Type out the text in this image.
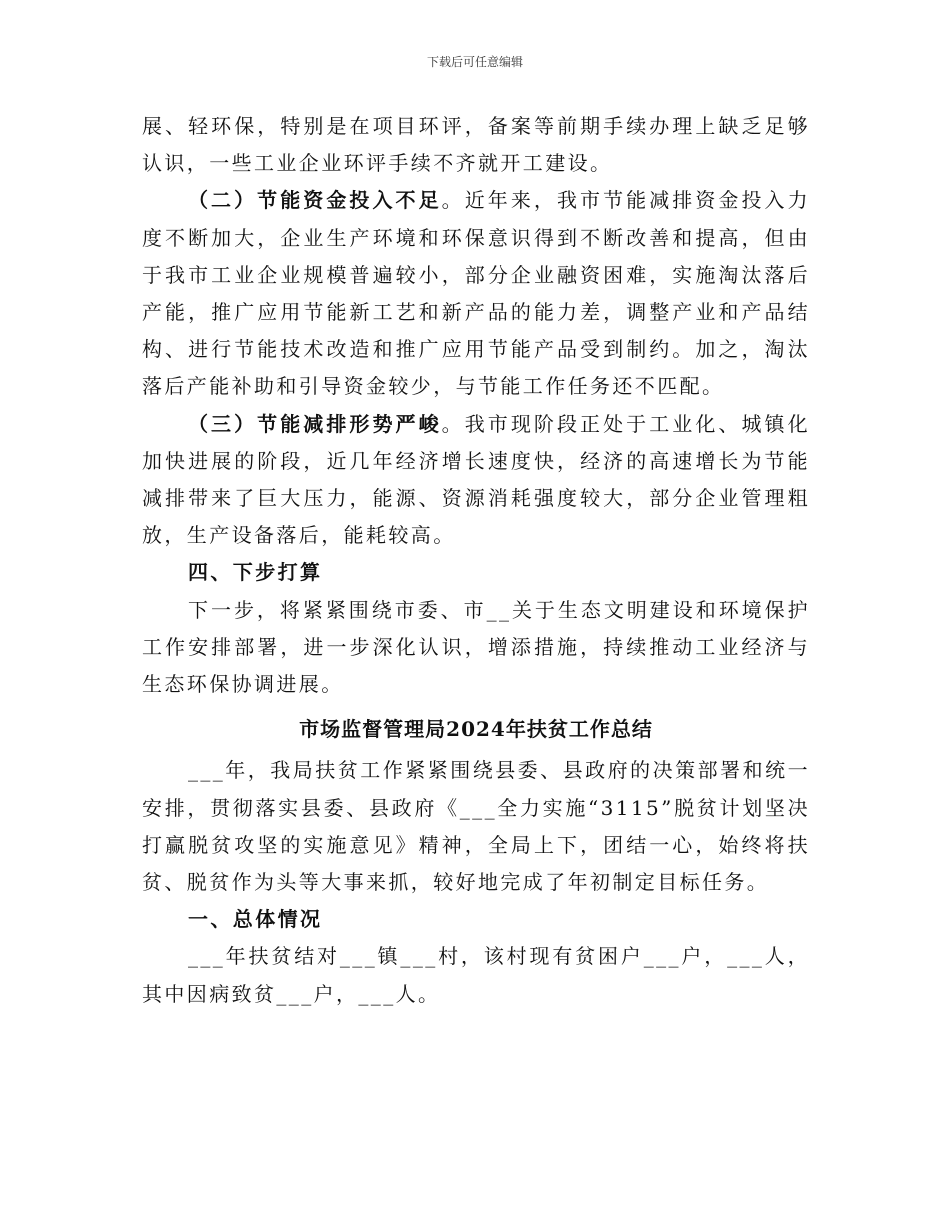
下载后可任意编辑

展、轻环保，特别是在项目环评，备案等前期手续办理上缺乏足够认识，一些工业企业环评手续不齐就开工建设。

（二）节能资金投入不足。近年来，我市节能减排资金投入力度不断加大，企业生产环境和环保意识得到不断改善和提高，但由于我市工业企业规模普遍较小，部分企业融资困难，实施淘汰落后产能，推广应用节能新工艺和新产品的能力差，调整产业和产品结构、进行节能技术改造和推广应用节能产品受到制约。加之，淘汰落后产能补助和引导资金较少，与节能工作任务还不匹配。

（三）节能减排形势严峻。我市现阶段正处于工业化、城镇化加快进展的阶段，近几年经济增长速度快，经济的高速增长为节能减排带来了巨大压力，能源、资源消耗强度较大，部分企业管理粗放，生产设备落后，能耗较高。

四、下步打算

下一步，将紧紧围绕市委、市__关于生态文明建设和环境保护工作安排部署，进一步深化认识，增添措施，持续推动工业经济与生态环保协调进展。

市场监督管理局2024年扶贫工作总结

___年，我局扶贫工作紧紧围绕县委、县政府的决策部署和统一安排，贯彻落实县委、县政府《___全力实施“3115”脱贫计划坚决打赢脱贫攻坚的实施意见》精神，全局上下，团结一心，始终将扶贫、脱贫作为头等大事来抓，较好地完成了年初制定目标任务。

一、总体情况

___年扶贫结对___镇___村，该村现有贫困户___户，___人，其中因病致贫___户，___人。
